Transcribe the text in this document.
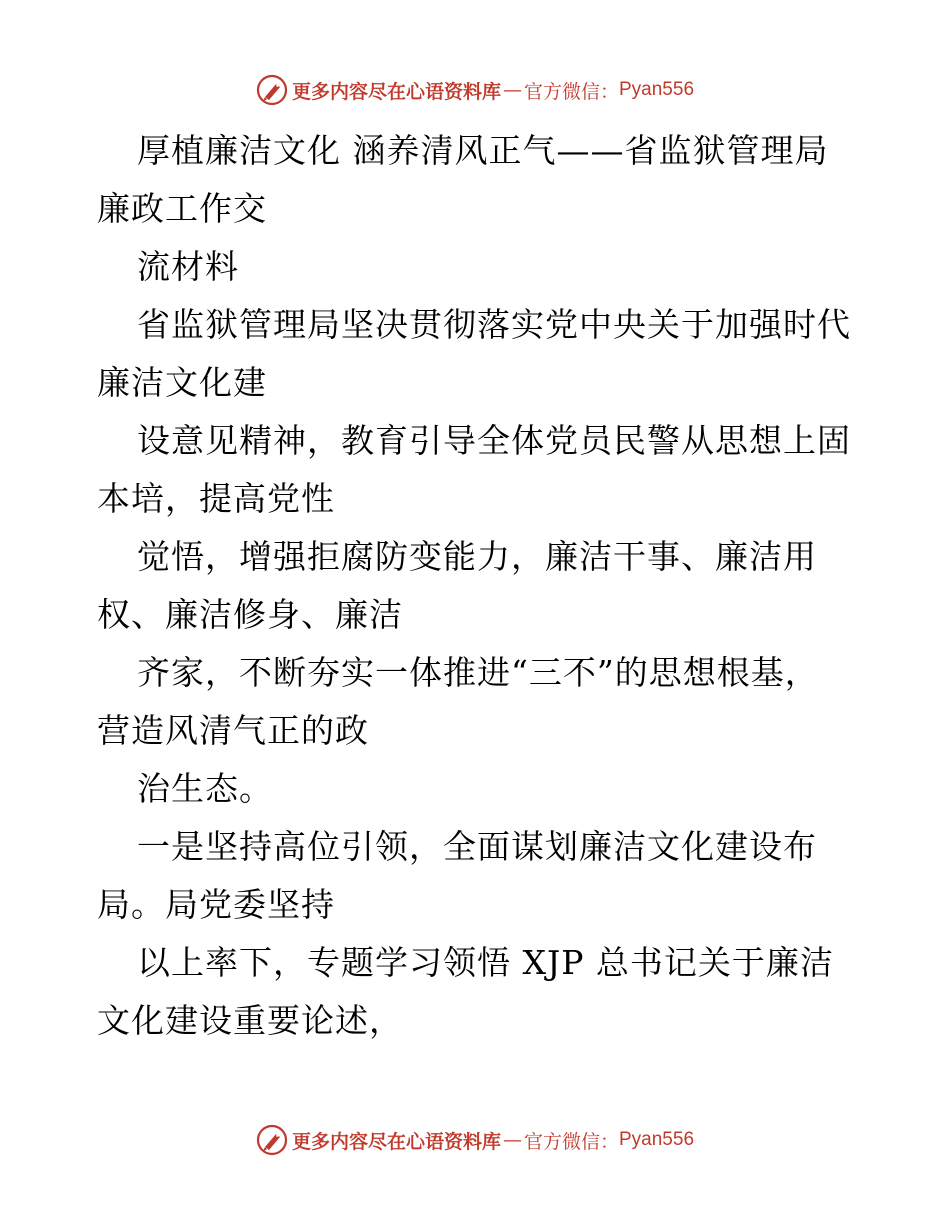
更多内容尽在心语资料库 — 官方微信： Pyan556
厚植廉洁文化 涵养清风正气——省监狱管理局
廉政工作交
流材料
省监狱管理局坚决贯彻落实党中央关于加强时代
廉洁文化建
设意见精神，教育引导全体党员民警从思想上固
本培，提高党性
觉悟，增强拒腐防变能力，廉洁干事、廉洁用
权、廉洁修身、廉洁
齐家，不断夯实一体推进“三不”的思想根基，
营造风清气正的政
治生态。
一是坚持高位引领，全面谋划廉洁文化建设布
局。局党委坚持
以上率下，专题学习领悟 XJP 总书记关于廉洁
文化建设重要论述，
更多内容尽在心语资料库 — 官方微信： Pyan556
